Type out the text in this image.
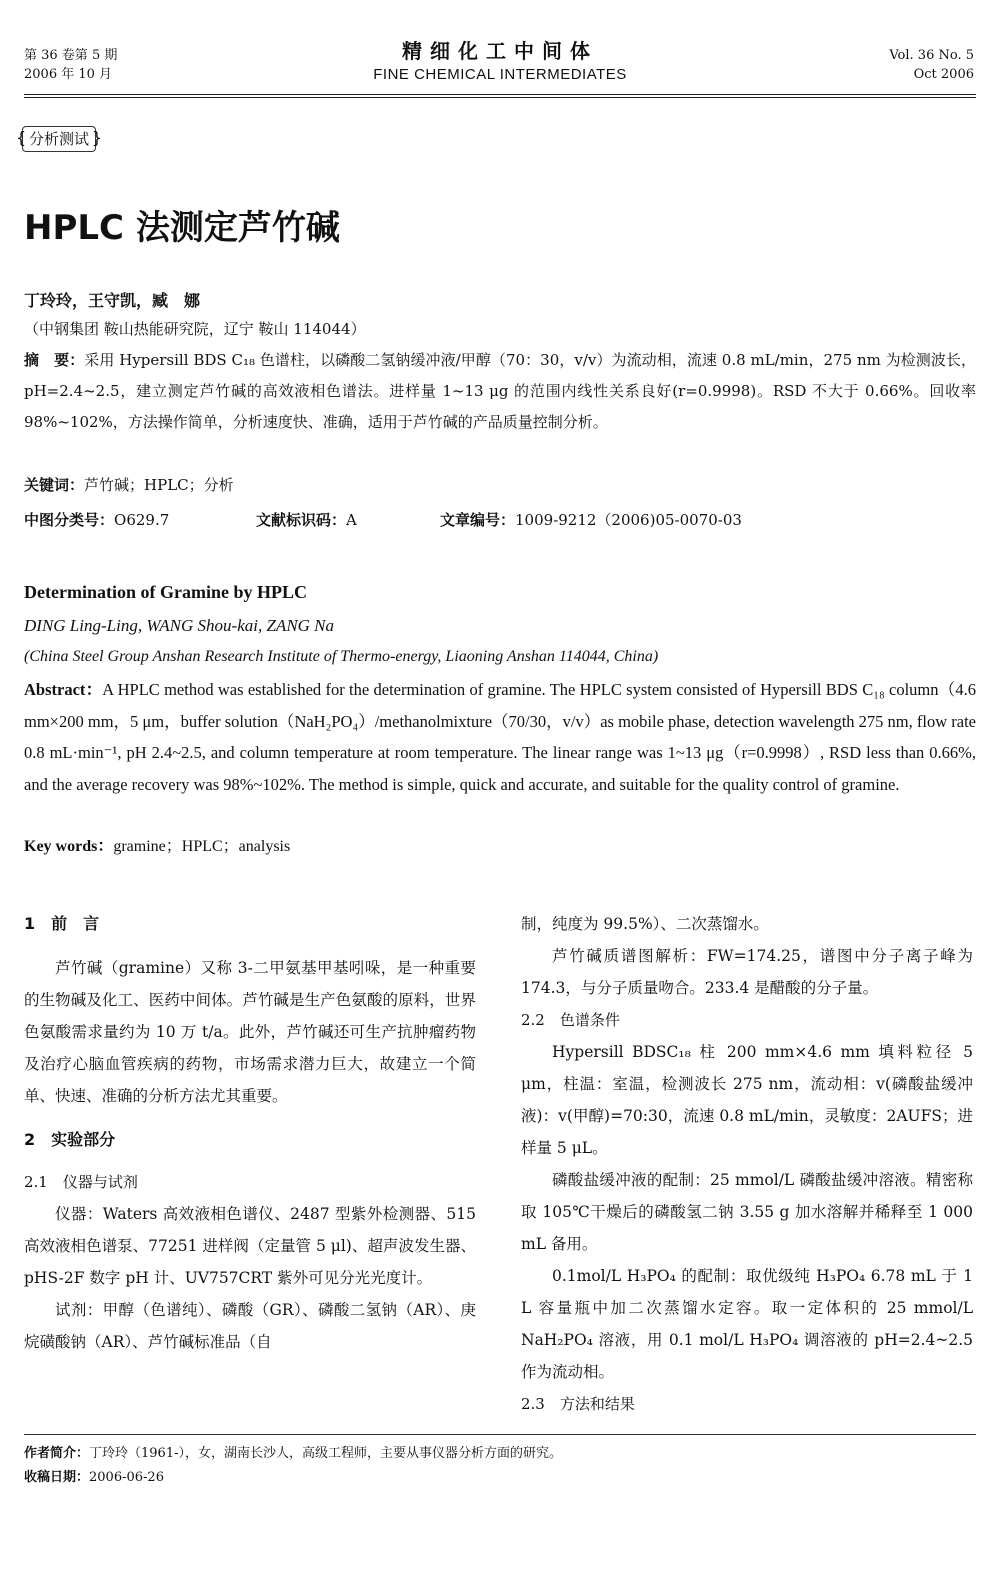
第 36 卷第 5 期
2006 年 10 月
精细化工中间体
FINE CHEMICAL INTERMEDIATES
Vol. 36 No. 5
Oct 2006
{ 分析测试 }
HPLC 法测定芦竹碱
丁玲玲，王守凯，臧　娜
（中钢集团 鞍山热能研究院，辽宁 鞍山 114044）
摘　要：采用 Hypersill BDS C₁₈ 色谱柱，以磷酸二氢钠缓冲液/甲醇（70：30，v/v）为流动相，流速 0.8 mL/min，275 nm 为检测波长，pH=2.4~2.5，建立测定芦竹碱的高效液相色谱法。进样量 1~13 μg 的范围内线性关系良好(r=0.9998)。RSD 不大于 0.66%。回收率 98%~102%，方法操作简单，分析速度快、准确，适用于芦竹碱的产品质量控制分析。
关键词：芦竹碱；HPLC；分析
中图分类号：O629.7	文献标识码：A	文章编号：1009-9212（2006)05-0070-03
Determination of Gramine by HPLC
DING Ling-Ling, WANG Shou-kai, ZANG Na
(China Steel Group Anshan Research Institute of Thermo-energy, Liaoning Anshan 114044, China)
Abstract：A HPLC method was established for the determination of gramine. The HPLC system consisted of Hypersill BDS C₁₈ column（4.6 mm×200 mm，5 μm，buffer solution（NaH₂PO₄）/methanolmixture（70/30，v/v）as mobile phase, detection wavelength 275 nm, flow rate 0.8 mL·min⁻¹, pH 2.4~2.5, and column temperature at room temperature. The linear range was 1~13 μg（r=0.9998）, RSD less than 0.66%, and the average recovery was 98%~102%. The method is simple, quick and accurate, and suitable for the quality control of gramine.
Key words：gramine；HPLC；analysis
1　前　言
芦竹碱（gramine）又称 3-二甲氨基甲基吲哚，是一种重要的生物碱及化工、医药中间体。芦竹碱是生产色氨酸的原料，世界色氨酸需求量约为 10 万 t/a。此外，芦竹碱还可生产抗肿瘤药物及治疗心脑血管疾病的药物，市场需求潜力巨大，故建立一个简单、快速、准确的分析方法尤其重要。
2　实验部分
2.1　仪器与试剂
仪器：Waters 高效液相色谱仪、2487 型紫外检测器、515 高效液相色谱泵、77251 进样阀（定量管 5 μl)、超声波发生器、pHS-2F 数字 pH 计、UV757CRT 紫外可见分光光度计。
试剂：甲醇（色谱纯）、磷酸（GR）、磷酸二氢钠（AR）、庚烷磺酸钠（AR）、芦竹碱标准品（自
制，纯度为 99.5%）、二次蒸馏水。
芦竹碱质谱图解析：FW=174.25，谱图中分子离子峰为 174.3，与分子质量吻合。233.4 是醋酸的分子量。
2.2　色谱条件
Hypersill BDSC₁₈ 柱 200 mm×4.6 mm 填料粒径 5 μm，柱温：室温，检测波长 275 nm，流动相：v(磷酸盐缓冲液)：v(甲醇)=70:30，流速 0.8 mL/min，灵敏度：2AUFS；进样量 5 μL。
磷酸盐缓冲液的配制：25 mmol/L 磷酸盐缓冲溶液。精密称取 105℃干燥后的磷酸氢二钠 3.55 g 加水溶解并稀释至 1 000 mL 备用。
0.1mol/L H₃PO₄ 的配制：取优级纯 H₃PO₄ 6.78 mL 于 1 L 容量瓶中加二次蒸馏水定容。取一定体积的 25 mmol/L　NaH₂PO₄ 溶液，用 0.1 mol/L H₃PO₄ 调溶液的 pH=2.4~2.5 作为流动相。
2.3　方法和结果
作者简介：丁玲玲（1961-），女，湖南长沙人，高级工程师，主要从事仪器分析方面的研究。
收稿日期：2006-06-26
